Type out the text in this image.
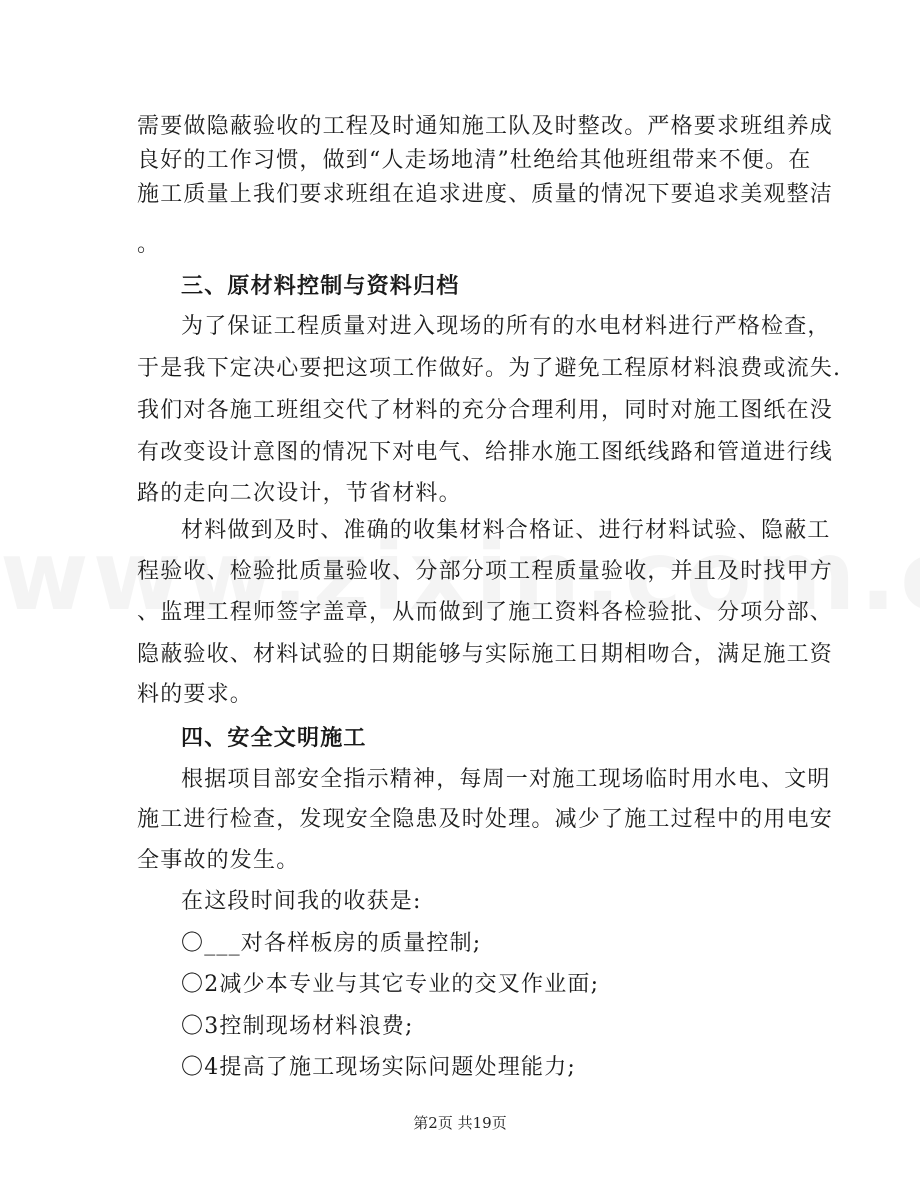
需要做隐蔽验收的工程及时通知施工队及时整改。严格要求班组养成
良好的工作习惯，做到“人走场地清”杜绝给其他班组带来不便。在
施工质量上我们要求班组在追求进度、质量的情况下要追求美观整洁
。
三、原材料控制与资料归档
为了保证工程质量对进入现场的所有的水电材料进行严格检查，
于是我下定决心要把这项工作做好。为了避免工程原材料浪费或流失.
我们对各施工班组交代了材料的充分合理利用，同时对施工图纸在没
有改变设计意图的情况下对电气、给排水施工图纸线路和管道进行线
路的走向二次设计，节省材料。
材料做到及时、准确的收集材料合格证、进行材料试验、隐蔽工
程验收、检验批质量验收、分部分项工程质量验收，并且及时找甲方
、监理工程师签字盖章，从而做到了施工资料各检验批、分项分部、
隐蔽验收、材料试验的日期能够与实际施工日期相吻合，满足施工资
料的要求。
四、安全文明施工
根据项目部安全指示精神，每周一对施工现场临时用水电、文明
施工进行检查，发现安全隐患及时处理。减少了施工过程中的用电安
全事故的发生。
在这段时间我的收获是:
〇___对各样板房的质量控制;
〇2减少本专业与其它专业的交叉作业面;
〇3控制现场材料浪费;
〇4提高了施工现场实际问题处理能力;
第2页 共19页
